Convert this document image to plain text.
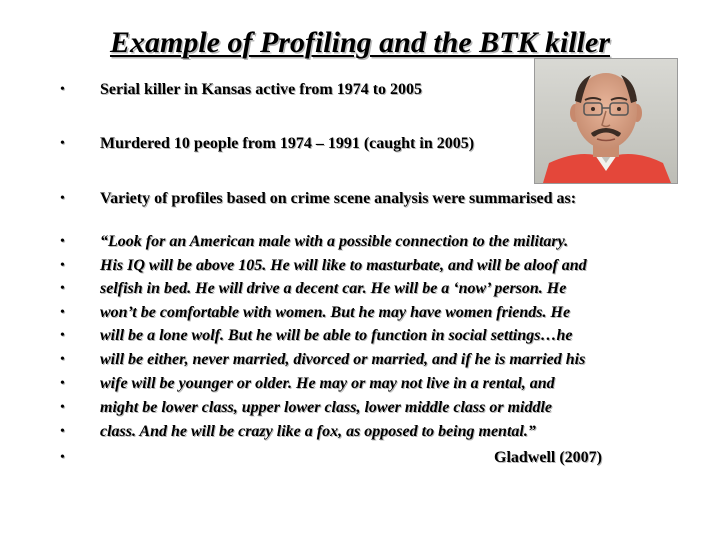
Example of Profiling and the BTK killer
•	Serial killer in Kansas active from 1974 to 2005
•	Murdered 10 people from 1974 – 1991 (caught in 2005)
•	Variety of profiles based on crime scene analysis were summarised as:
•	“Look for an American male with a possible connection to the military.
•	His IQ will be above 105. He will like to masturbate, and will be aloof and
•	selfish in bed. He will drive a decent car. He will be a ‘now’ person. He
•	won’t be comfortable with women. But he may have women friends. He
•	will be a lone wolf. But he will be able to function in social settings…he
•	will be either, never married, divorced or married, and if he is married his
•	wife will be younger or older. He may or may not live in a rental, and
•	might be lower class, upper lower class, lower middle class or middle
•	class. And he will be crazy like a fox, as opposed to being mental.”
•	Gladwell (2007)
